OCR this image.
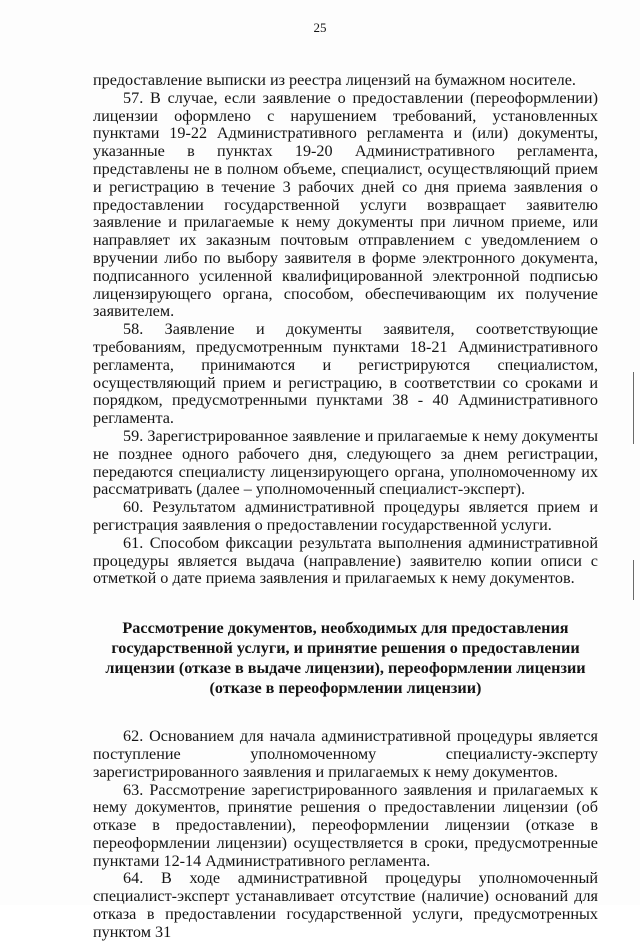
25

предоставление выписки из реестра лицензий на бумажном носителе.

57. В случае, если заявление о предоставлении (переоформлении) лицензии оформлено с нарушением требований, установленных пунктами 19-22 Административного регламента и (или) документы, указанные в пунктах 19-20 Административного регламента, представлены не в полном объеме, специалист, осуществляющий прием и регистрацию в течение 3 рабочих дней со дня приема заявления о предоставлении государственной услуги возвращает заявителю заявление и прилагаемые к нему документы при личном приеме, или направляет их заказным почтовым отправлением с уведомлением о вручении либо по выбору заявителя в форме электронного документа, подписанного усиленной квалифицированной электронной подписью лицензирующего органа, способом, обеспечивающим их получение заявителем.

58. Заявление и документы заявителя, соответствующие требованиям, предусмотренным пунктами 18-21 Административного регламента, принимаются и регистрируются специалистом, осуществляющий прием и регистрацию, в соответствии со сроками и порядком, предусмотренными пунктами 38 - 40 Административного регламента.

59. Зарегистрированное заявление и прилагаемые к нему документы не позднее одного рабочего дня, следующего за днем регистрации, передаются специалисту лицензирующего органа, уполномоченному их рассматривать (далее – уполномоченный специалист-эксперт).

60. Результатом административной процедуры является прием и регистрация заявления о предоставлении государственной услуги.

61. Способом фиксации результата выполнения административной процедуры является выдача (направление) заявителю копии описи с отметкой о дате приема заявления и прилагаемых к нему документов.

Рассмотрение документов, необходимых для предоставления
государственной услуги, и принятие решения о предоставлении
лицензии (отказе в выдаче лицензии), переоформлении лицензии
(отказе в переоформлении лицензии)

62. Основанием для начала административной процедуры является поступление уполномоченному специалисту-эксперту зарегистрированного заявления и прилагаемых к нему документов.

63. Рассмотрение зарегистрированного заявления и прилагаемых к нему документов, принятие решения о предоставлении лицензии (об отказе в предоставлении), переоформлении лицензии (отказе в переоформлении лицензии) осуществляется в сроки, предусмотренные пунктами 12-14 Административного регламента.

64. В ходе административной процедуры уполномоченный специалист-эксперт устанавливает отсутствие (наличие) оснований для отказа в предоставлении государственной услуги, предусмотренных пунктом 31
